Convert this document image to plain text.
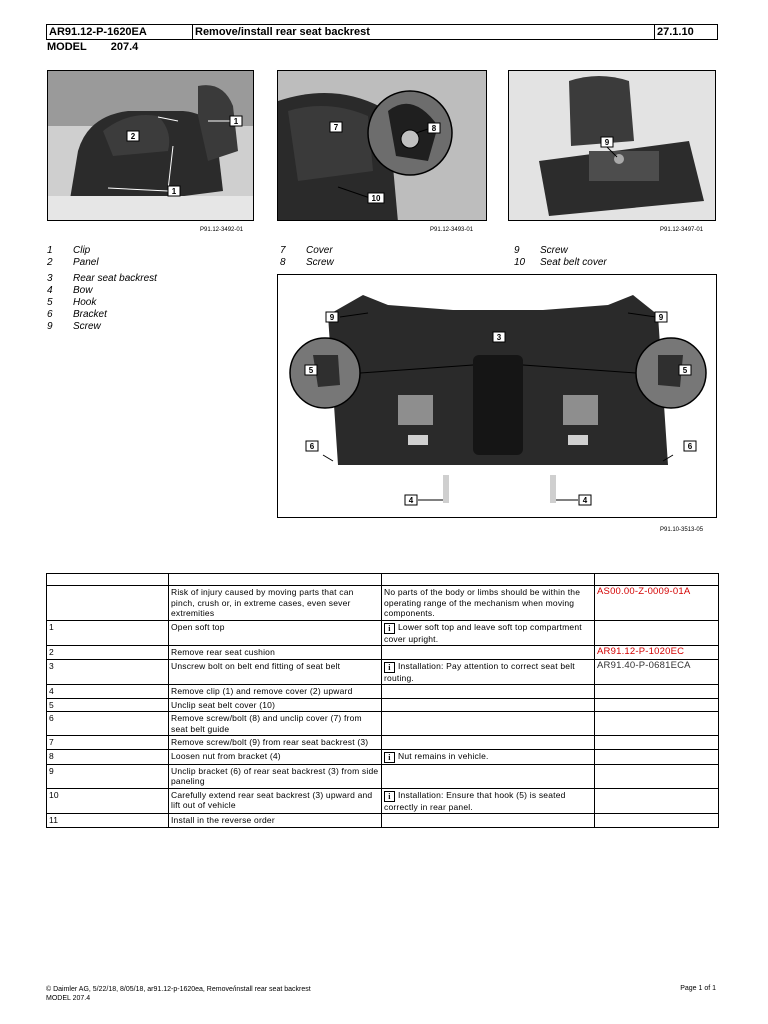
AR91.12-P-1620EA	Remove/install rear seat backrest	27.1.10
MODEL 207.4
1
2
1
P91.12-3492-01
7	8
10
P91.12-3493-01
9
P91.12-3497-01
1	Clip
2	Panel
3	Rear seat backrest
4	Bow
5	Hook
6	Bracket
9	Screw
7	Cover
8	Screw
9	Screw
10	Seat belt cover
9	9
3
5	5
6	6
4	4
P91.10-3513-05

	Risk of injury caused by moving parts that can pinch, crush or, in extreme cases, even sever extremities	No parts of the body or limbs should be within the operating range of the mechanism when moving components.	AS00.00-Z-0009-01A
1	Open soft top	i Lower soft top and leave soft top compartment cover upright.	
2	Remove rear seat cushion		AR91.12-P-1020EC
3	Unscrew bolt on belt end fitting of seat belt	i Installation: Pay attention to correct seat belt routing.	AR91.40-P-0681ECA
4	Remove clip (1) and remove cover (2) upward		
5	Unclip seat belt cover (10)		
6	Remove screw/bolt (8) and unclip cover (7) from seat belt guide		
7	Remove screw/bolt (9) from rear seat backrest (3)		
8	Loosen nut from bracket (4)	i Nut remains in vehicle.	
9	Unclip bracket (6) of rear seat backrest (3) from side paneling		
10	Carefully extend rear seat backrest (3) upward and lift out of vehicle	i Installation: Ensure that hook (5) is seated correctly in rear panel.	
11	Install in the reverse order		
© Daimler AG, 5/22/18, 8/05/18, ar91.12-p-1620ea, Remove/install rear seat backrest
MODEL 207.4
Page 1 of 1
